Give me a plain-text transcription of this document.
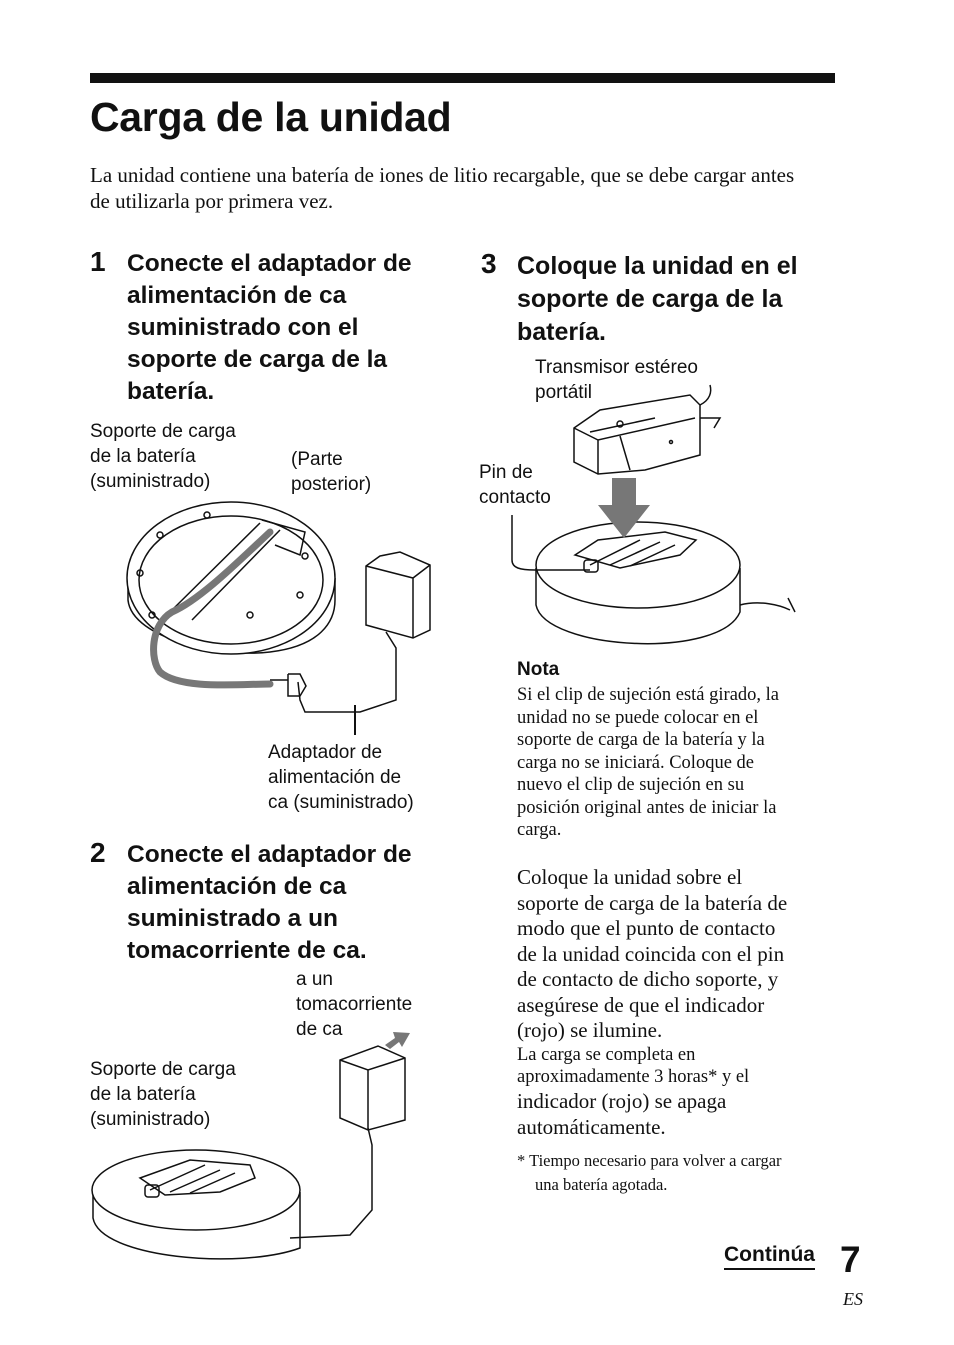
Carga de la unidad
La unidad contiene una batería de iones de litio recargable, que se debe cargar antes de utilizarla por primera vez.
1 Conecte el adaptador de
alimentación de ca
suministrado con el
soporte de carga de la
batería.
Soporte de carga
de la batería
(suministrado)
(Parte
posterior)
Adaptador de
alimentación de
ca (suministrado)
2 Conecte el adaptador de
alimentación de ca
suministrado a un
tomacorriente de ca.
a un
tomacorriente
de ca
Soporte de carga
de la batería
(suministrado)
3 Coloque la unidad en el
soporte de carga de la
batería.
Transmisor estéreo
portátil
Pin de
contacto
Nota
Si el clip de sujeción está girado, la
unidad no se puede colocar en el
soporte de carga de la batería y la
carga no se iniciará. Coloque de
nuevo el clip de sujeción en su
posición original antes de iniciar la
carga.
Coloque la unidad sobre el
soporte de carga de la batería de
modo que el punto de contacto
de la unidad coincida con el pin
de contacto de dicho soporte, y
asegúrese de que el indicador
(rojo) se ilumine.
La carga se completa en
aproximadamente 3 horas* y el
indicador (rojo) se apaga
automáticamente.
* Tiempo necesario para volver a cargar
una batería agotada.
Continúa 7
ES
